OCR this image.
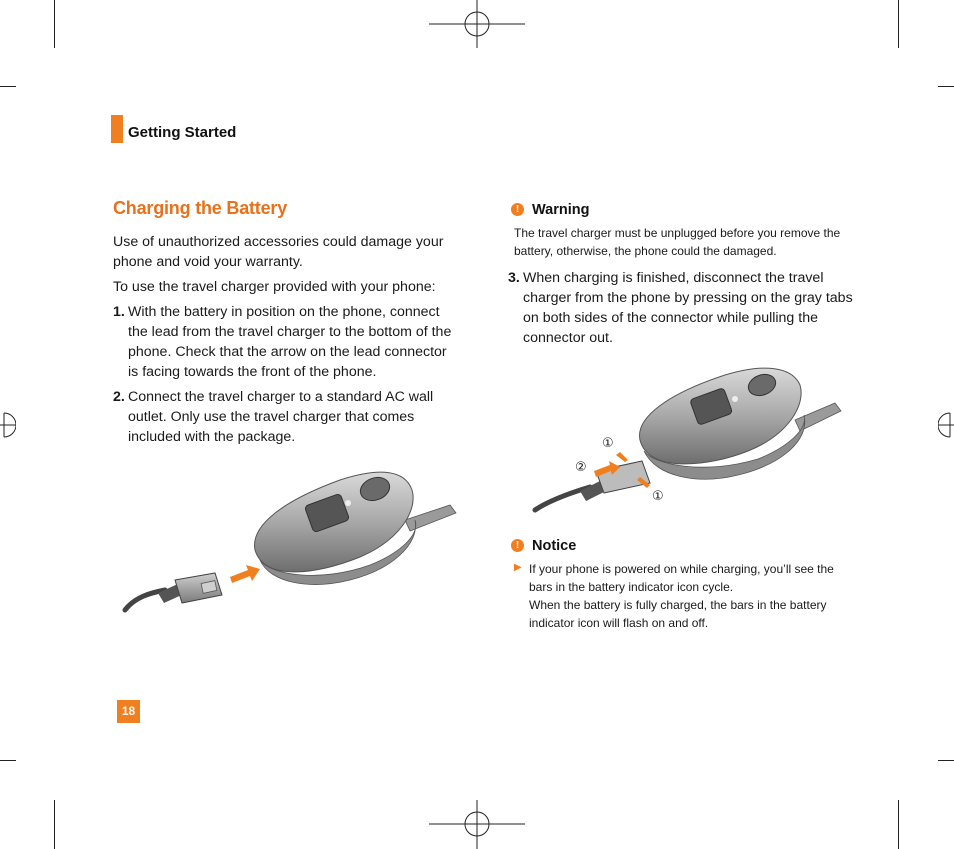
Getting Started
Charging the Battery
Use of unauthorized accessories could damage your phone and void your warranty.
To use the travel charger provided with your phone:
1. With the battery in position on the phone, connect the lead from the travel charger to the bottom of the phone. Check that the arrow on the lead connector is facing towards the front of the phone.
2. Connect the travel charger to a standard AC wall outlet. Only use the travel charger that comes included with the package.
! Warning
The travel charger must be unplugged before you remove the battery, otherwise, the phone could the damaged.
3. When charging is finished, disconnect the travel charger from the phone by pressing on the gray tabs on both sides of the connector while pulling the connector out.
①
②
①
! Notice
▶ If your phone is powered on while charging, you’ll see the bars in the battery indicator icon cycle.
When the battery is fully charged, the bars in the battery indicator icon will flash on and off.
18
